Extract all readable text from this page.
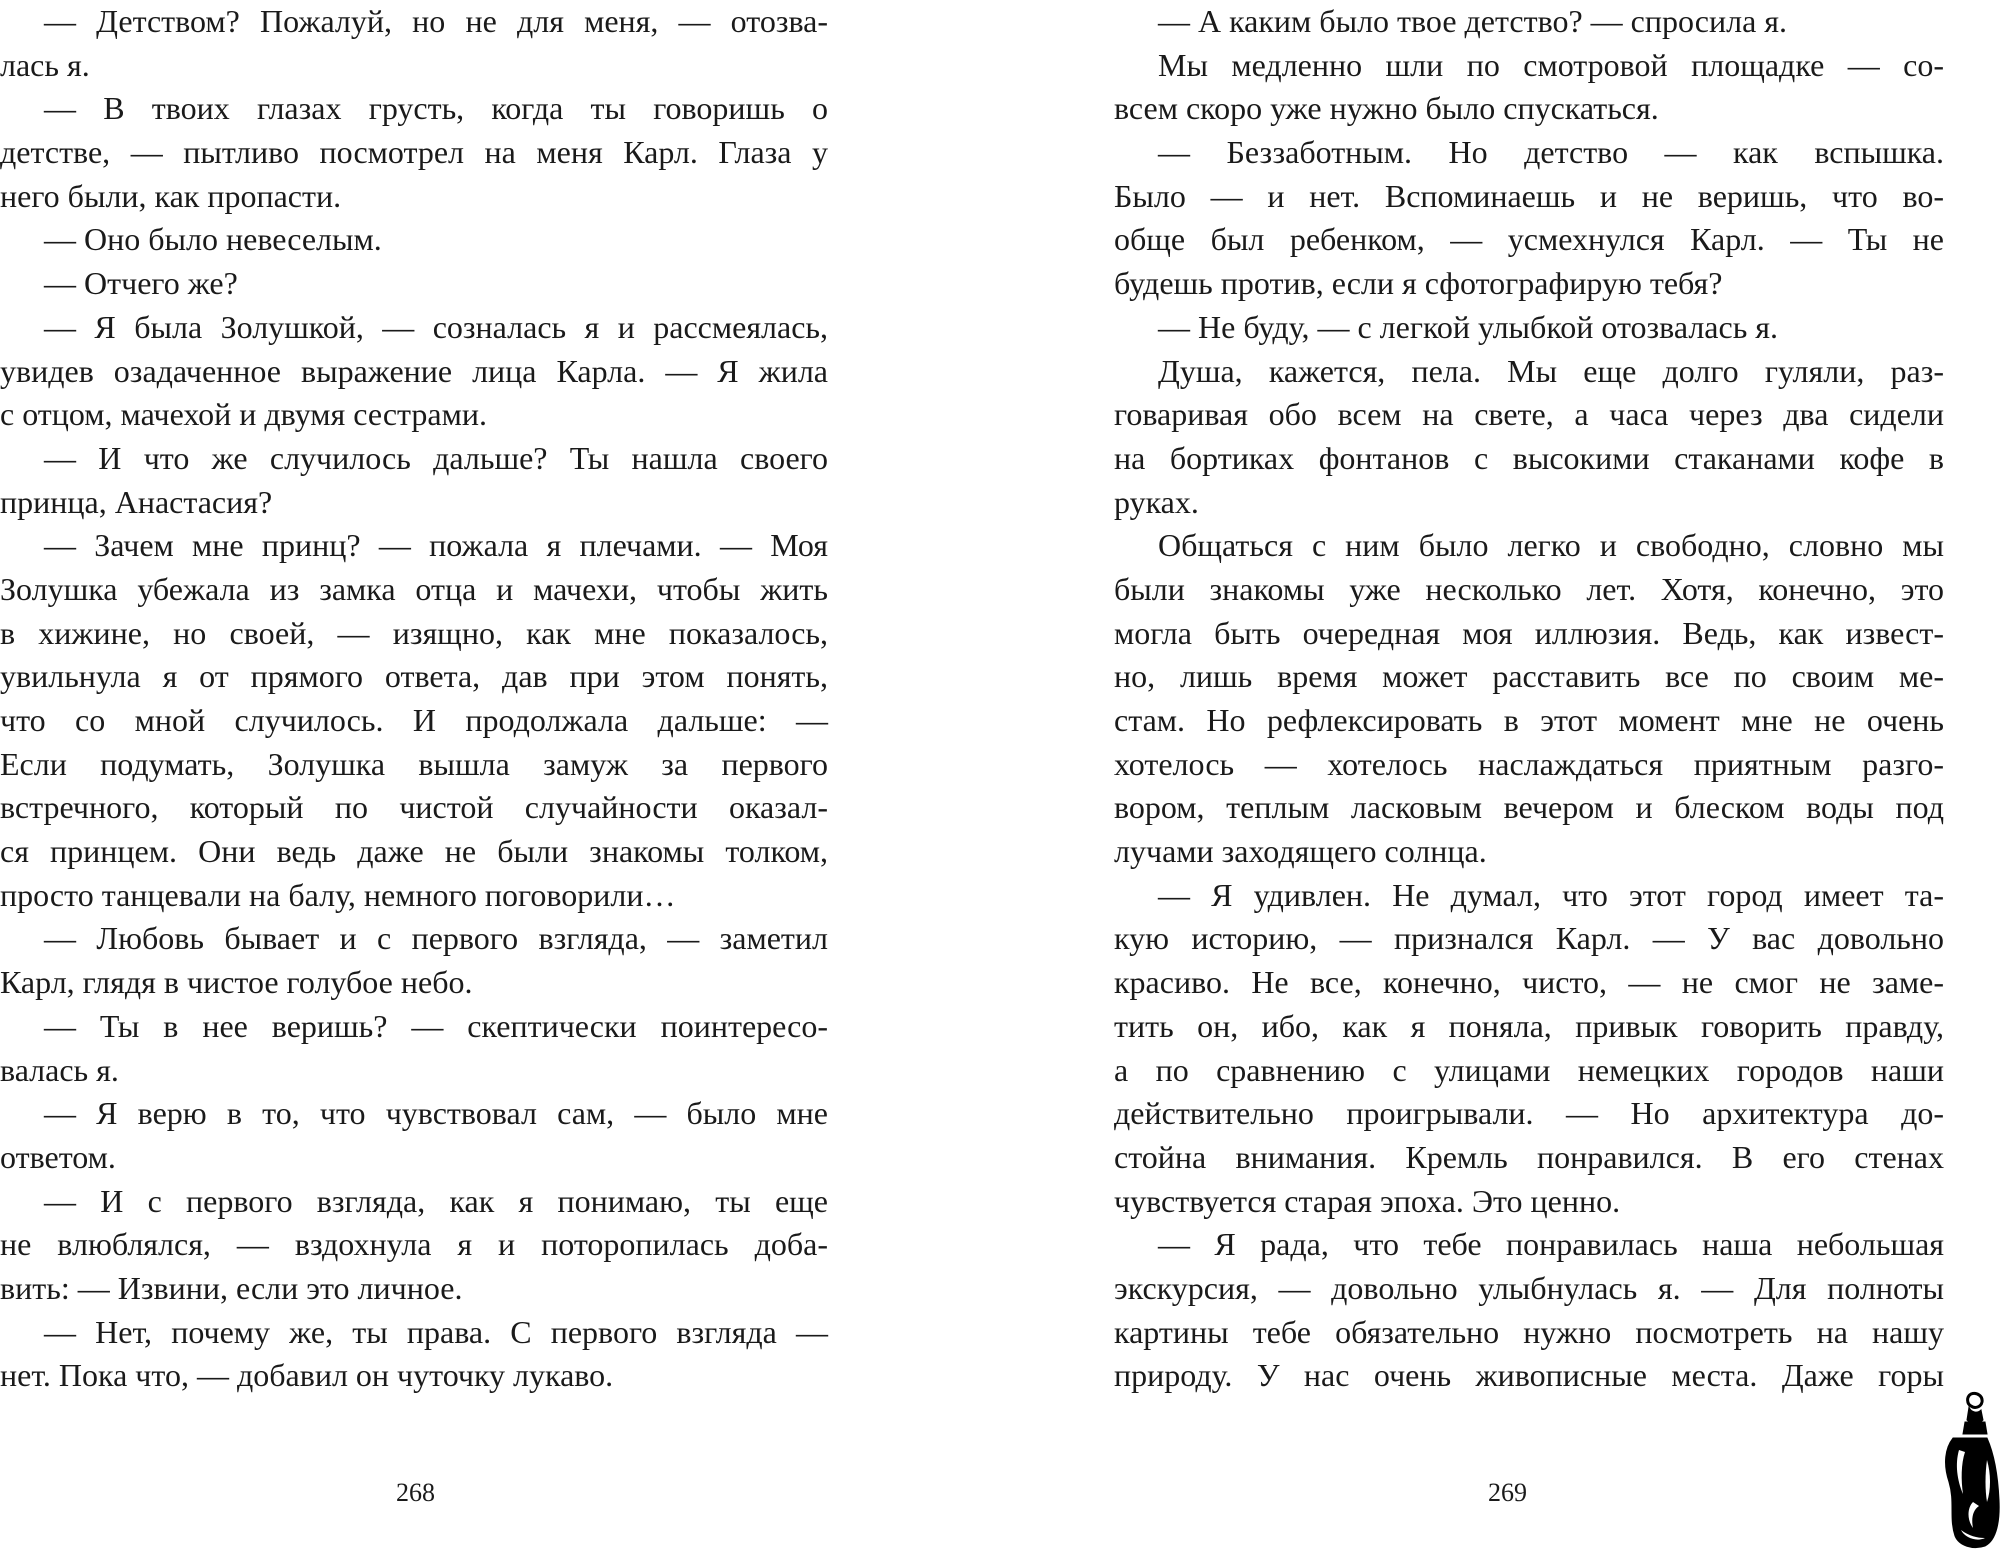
— Детством? Пожалуй, но не для меня, — отозва-
лась я.
— В твоих глазах грусть, когда ты говоришь о
детстве, — пытливо посмотрел на меня Карл. Глаза у
него были, как пропасти.
— Оно было невеселым.
— Отчего же?
— Я была Золушкой, — созналась я и рассмеялась,
увидев озадаченное выражение лица Карла. — Я жила
с отцом, мачехой и двумя сестрами.
— И что же случилось дальше? Ты нашла своего
принца, Анастасия?
— Зачем мне принц? — пожала я плечами. — Моя
Золушка убежала из замка отца и мачехи, чтобы жить
в хижине, но своей, — изящно, как мне показалось,
увильнула я от прямого ответа, дав при этом понять,
что со мной случилось. И продолжала дальше: —
Если подумать, Золушка вышла замуж за первого
встречного, который по чистой случайности оказал-
ся принцем. Они ведь даже не были знакомы толком,
просто танцевали на балу, немного поговорили…
— Любовь бывает и с первого взгляда, — заметил
Карл, глядя в чистое голубое небо.
— Ты в нее веришь? — скептически поинтересо-
валась я.
— Я верю в то, что чувствовал сам, — было мне
ответом.
— И с первого взгляда, как я понимаю, ты еще
не влюблялся, — вздохнула я и поторопилась доба-
вить: — Извини, если это личное.
— Нет, почему же, ты права. С первого взгляда —
нет. Пока что, — добавил он чуточку лукаво.
268
— А каким было твое детство? — спросила я.
Мы медленно шли по смотровой площадке — со-
всем скоро уже нужно было спускаться.
— Беззаботным. Но детство — как вспышка.
Было — и нет. Вспоминаешь и не веришь, что во-
обще был ребенком, — усмехнулся Карл. — Ты не
будешь против, если я сфотографирую тебя?
— Не буду, — с легкой улыбкой отозвалась я.
Душа, кажется, пела. Мы еще долго гуляли, раз-
говаривая обо всем на свете, а часа через два сидели
на бортиках фонтанов с высокими стаканами кофе в
руках.
Общаться с ним было легко и свободно, словно мы
были знакомы уже несколько лет. Хотя, конечно, это
могла быть очередная моя иллюзия. Ведь, как извест-
но, лишь время может расставить все по своим ме-
стам. Но рефлексировать в этот момент мне не очень
хотелось — хотелось наслаждаться приятным разго-
вором, теплым ласковым вечером и блеском воды под
лучами заходящего солнца.
— Я удивлен. Не думал, что этот город имеет та-
кую историю, — признался Карл. — У вас довольно
красиво. Не все, конечно, чисто, — не смог не заме-
тить он, ибо, как я поняла, привык говорить правду,
а по сравнению с улицами немецких городов наши
действительно проигрывали. — Но архитектура до-
стойна внимания. Кремль понравился. В его стенах
чувствуется старая эпоха. Это ценно.
— Я рада, что тебе понравилась наша небольшая
экскурсия, — довольно улыбнулась я. — Для полноты
картины тебе обязательно нужно посмотреть на нашу
природу. У нас очень живописные места. Даже горы
269
